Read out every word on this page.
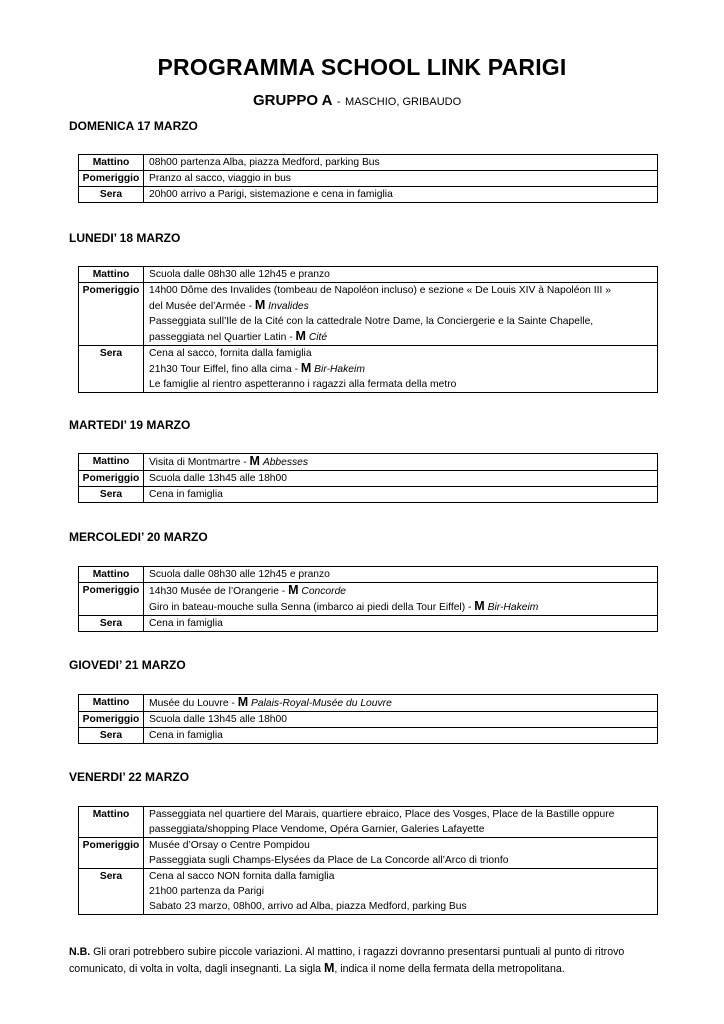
PROGRAMMA SCHOOL LINK PARIGI
GRUPPO A - MASCHIO, GRIBAUDO
DOMENICA 17 MARZO
Mattino	08h00 partenza Alba, piazza Medford, parking Bus

Pomeriggio	Pranzo al sacco, viaggio in bus

Sera	20h00 arrivo a Parigi, sistemazione e cena in famiglia
LUNEDI’ 18 MARZO
Mattino	Scuola dalle 08h30 alle 12h45 e pranzo

Pomeriggio	14h00 Dôme des Invalides (tombeau de Napoléon incluso) e sezione « De Louis XIV à Napoléon III »
del Musée del’Armée - M Invalides
Passeggiata sull’Ile de la Cité con la cattedrale Notre Dame, la Conciergerie e la Sainte Chapelle,
passeggiata nel Quartier Latin - M Cité

Sera	Cena al sacco, fornita dalla famiglia
21h30 Tour Eiffel, fino alla cima - M Bir-Hakeim
Le famiglie al rientro aspetteranno i ragazzi alla fermata della metro
MARTEDI’ 19 MARZO
Mattino	Visita di Montmartre - M Abbesses

Pomeriggio	Scuola dalle 13h45 alle 18h00

Sera	Cena in famiglia
MERCOLEDI’ 20 MARZO
Mattino	Scuola dalle 08h30 alle 12h45 e pranzo

Pomeriggio	14h30 Musée de l’Orangerie - M Concorde
Giro in bateau-mouche sulla Senna (imbarco ai piedi della Tour Eiffel) - M Bir-Hakeim

Sera	Cena in famiglia
GIOVEDI’ 21 MARZO
Mattino	Musée du Louvre - M Palais-Royal-Musée du Louvre

Pomeriggio	Scuola dalle 13h45 alle 18h00

Sera	Cena in famiglia
VENERDI’ 22 MARZO
Mattino	Passeggiata nel quartiere del Marais, quartiere ebraico, Place des Vosges, Place de la Bastille oppure
passeggiata/shopping Place Vendome, Opéra Garnier, Galeries Lafayette

Pomeriggio	Musée d’Orsay o Centre Pompidou
Passeggiata sugli Champs-Elysées da Place de La Concorde all’Arco di trionfo

Sera	Cena al sacco NON fornita dalla famiglia
21h00 partenza da Parigi
Sabato 23 marzo, 08h00, arrivo ad Alba, piazza Medford, parking Bus
N.B. Gli orari potrebbero subire piccole variazioni. Al mattino, i ragazzi dovranno presentarsi puntuali al punto di ritrovo comunicato, di volta in volta, dagli insegnanti. La sigla M, indica il nome della fermata della metropolitana.
